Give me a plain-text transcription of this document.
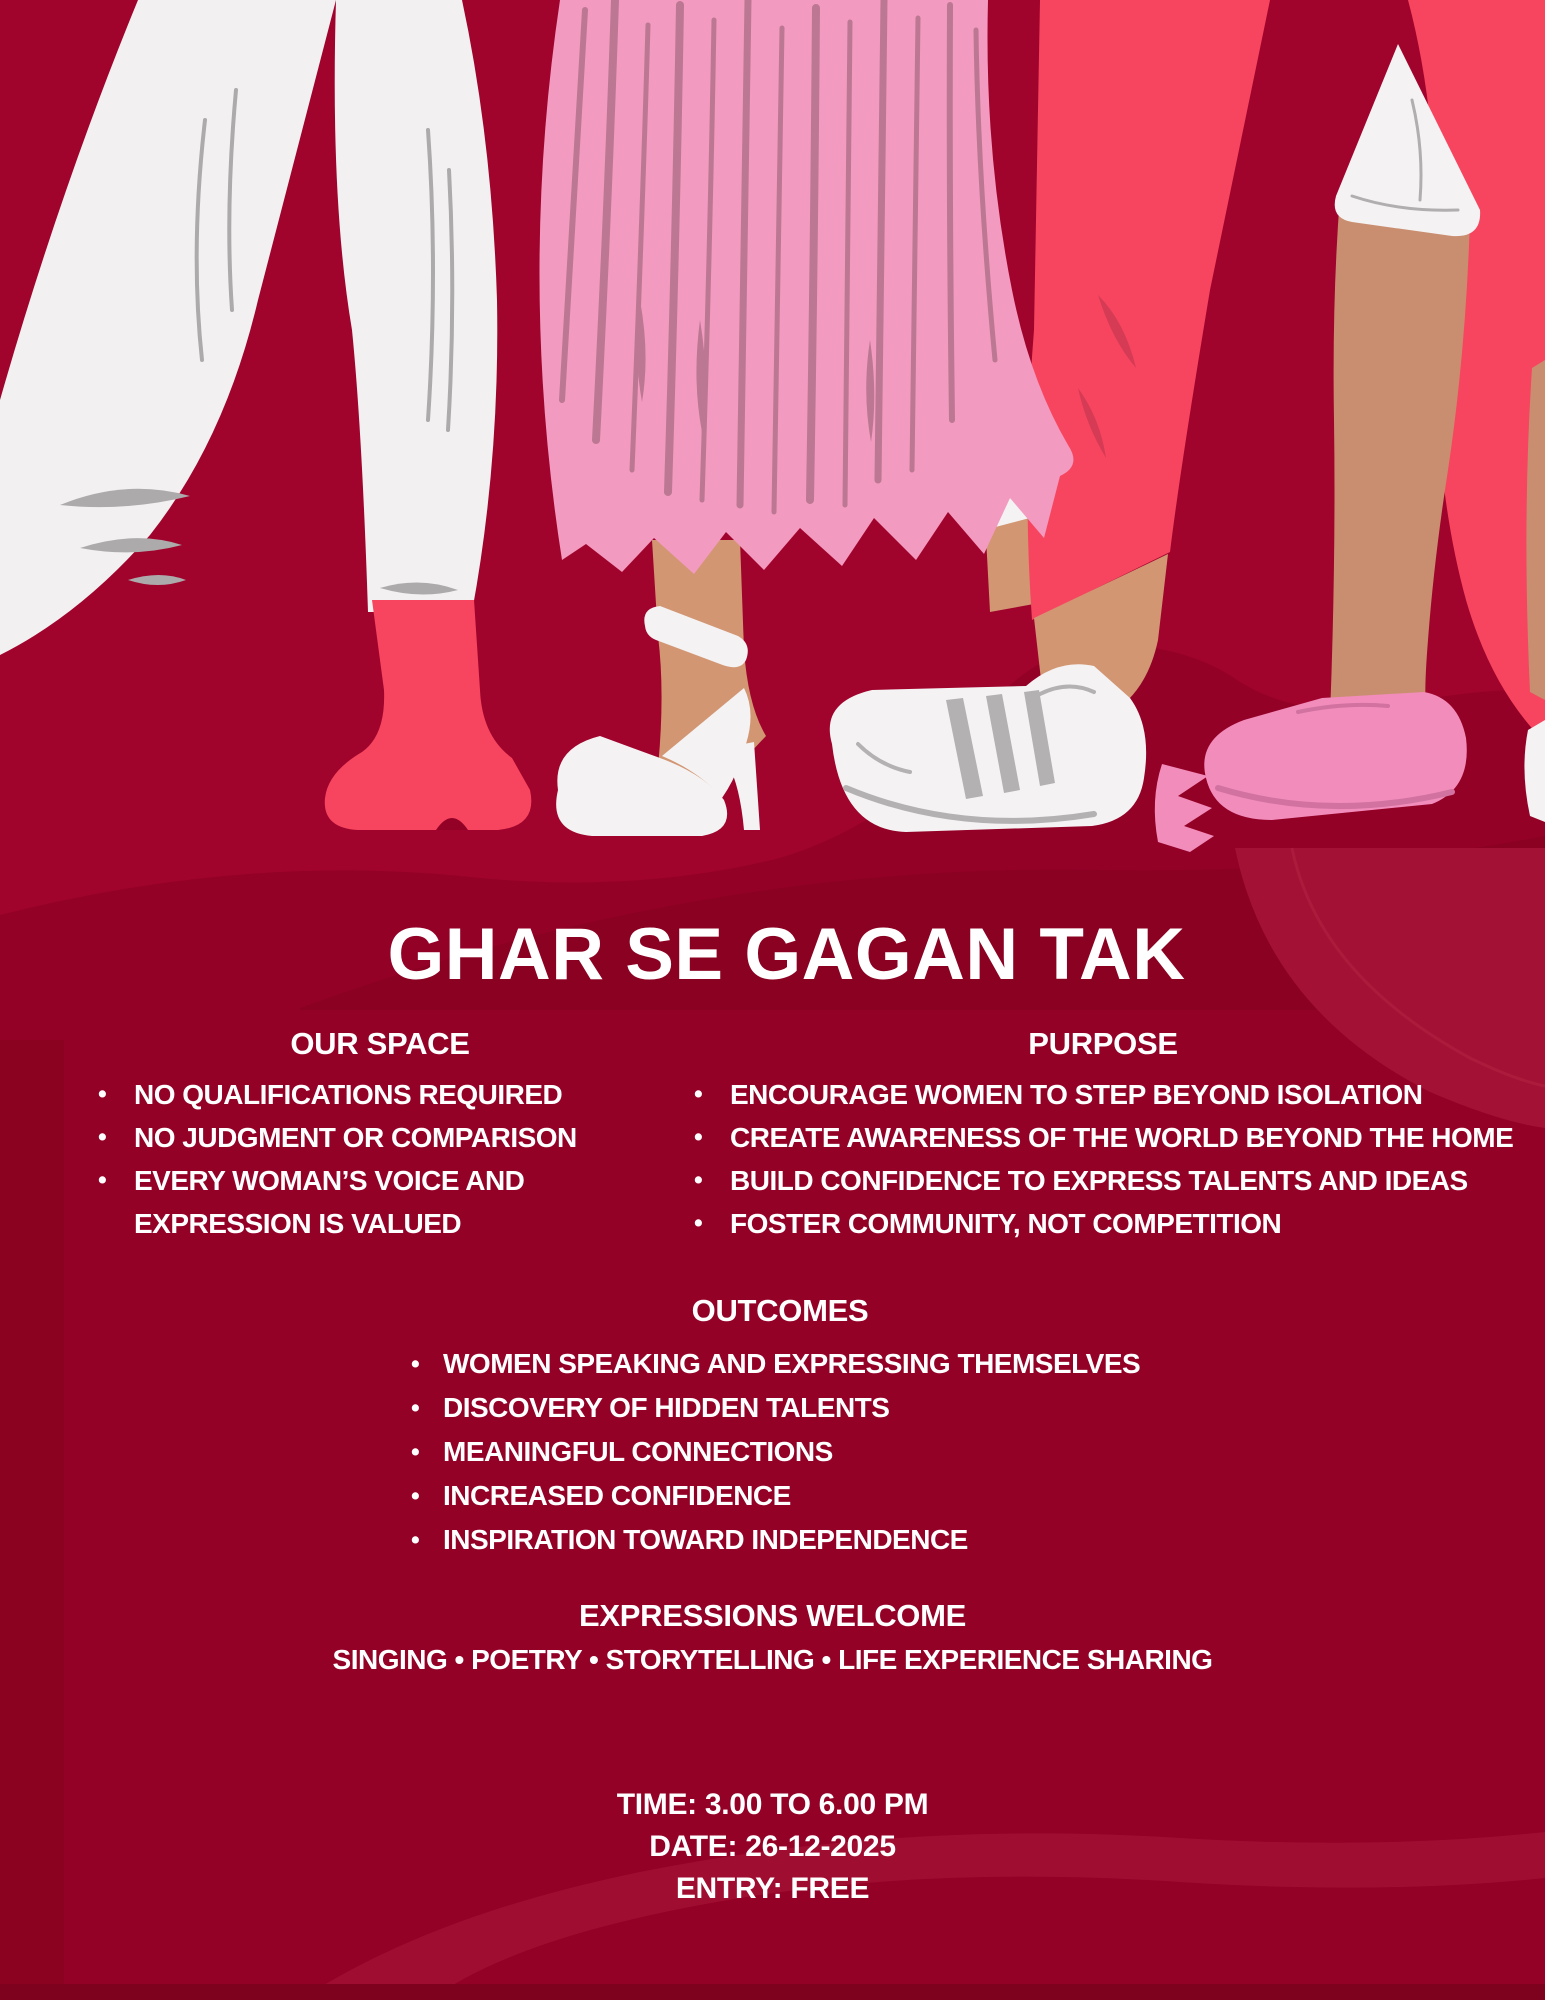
GHAR SE GAGAN TAK
OUR SPACE
• NO QUALIFICATIONS REQUIRED
• NO JUDGMENT OR COMPARISON
• EVERY WOMAN’S VOICE AND EXPRESSION IS VALUED
PURPOSE
• ENCOURAGE WOMEN TO STEP BEYOND ISOLATION
• CREATE AWARENESS OF THE WORLD BEYOND THE HOME
• BUILD CONFIDENCE TO EXPRESS TALENTS AND IDEAS
• FOSTER COMMUNITY, NOT COMPETITION
OUTCOMES
• WOMEN SPEAKING AND EXPRESSING THEMSELVES
• DISCOVERY OF HIDDEN TALENTS
• MEANINGFUL CONNECTIONS
• INCREASED CONFIDENCE
• INSPIRATION TOWARD INDEPENDENCE
EXPRESSIONS WELCOME
SINGING • POETRY • STORYTELLING • LIFE EXPERIENCE SHARING
TIME: 3.00 TO 6.00 PM
DATE: 26-12-2025
ENTRY: FREE
